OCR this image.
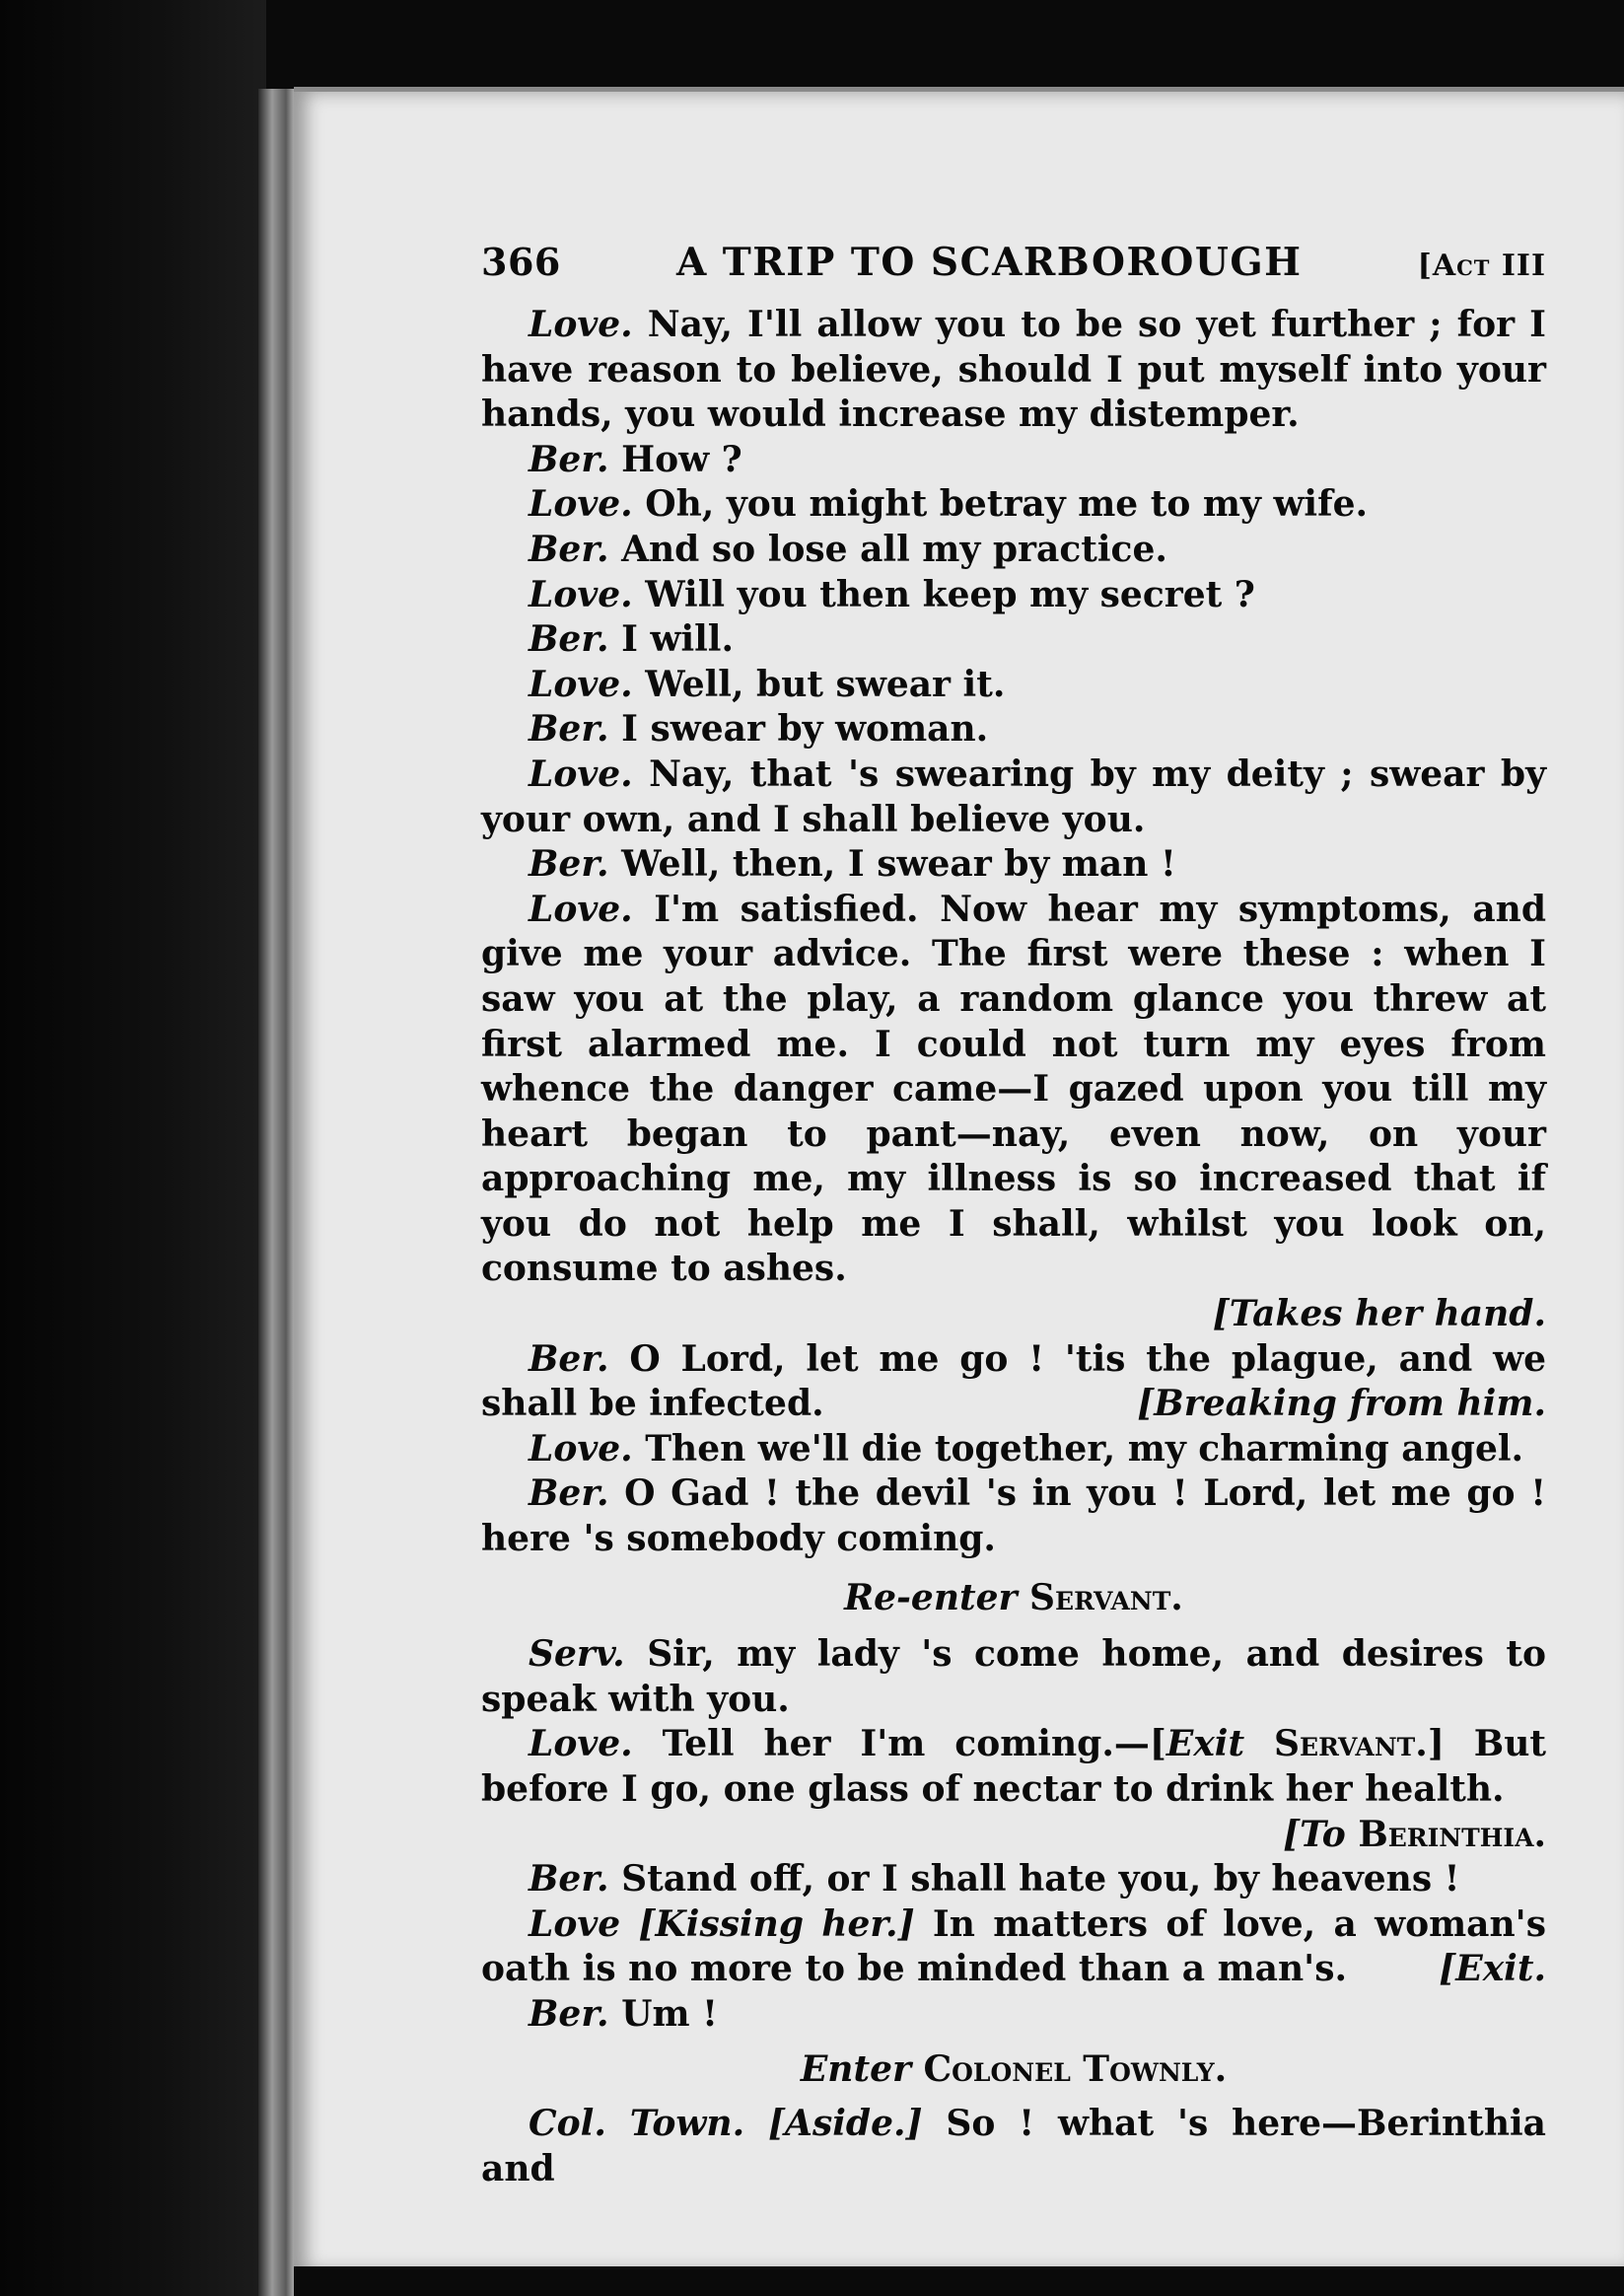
366	A TRIP TO SCARBOROUGH	[Act III

Love. Nay, I'll allow you to be so yet further ; for I have reason to believe, should I put myself into your hands, you would increase my distemper.

Ber. How ?

Love. Oh, you might betray me to my wife.

Ber. And so lose all my practice.

Love. Will you then keep my secret ?

Ber. I will.

Love. Well, but swear it.

Ber. I swear by woman.

Love. Nay, that 's swearing by my deity ; swear by your own, and I shall believe you.

Ber. Well, then, I swear by man !

Love. I'm satisfied. Now hear my symptoms, and give me your advice. The first were these : when I saw you at the play, a random glance you threw at first alarmed me. I could not turn my eyes from whence the danger came—I gazed upon you till my heart began to pant—nay, even now, on your approaching me, my illness is so increased that if you do not help me I shall, whilst you look on, consume to ashes.

[Takes her hand.

Ber. O Lord, let me go ! 'tis the plague, and we shall be infected.	[Breaking from him.

Love. Then we'll die together, my charming angel.

Ber. O Gad ! the devil 's in you ! Lord, let me go ! here 's somebody coming.

Re-enter Servant.

Serv. Sir, my lady 's come home, and desires to speak with you.

Love. Tell her I'm coming.—[Exit Servant.] But before I go, one glass of nectar to drink her health.

[To Berinthia.

Ber. Stand off, or I shall hate you, by heavens !

Love [Kissing her.] In matters of love, a woman's oath is no more to be minded than a man's.	[Exit.

Ber. Um !

Enter Colonel Townly.

Col. Town. [Aside.] So ! what 's here—Berinthia and
